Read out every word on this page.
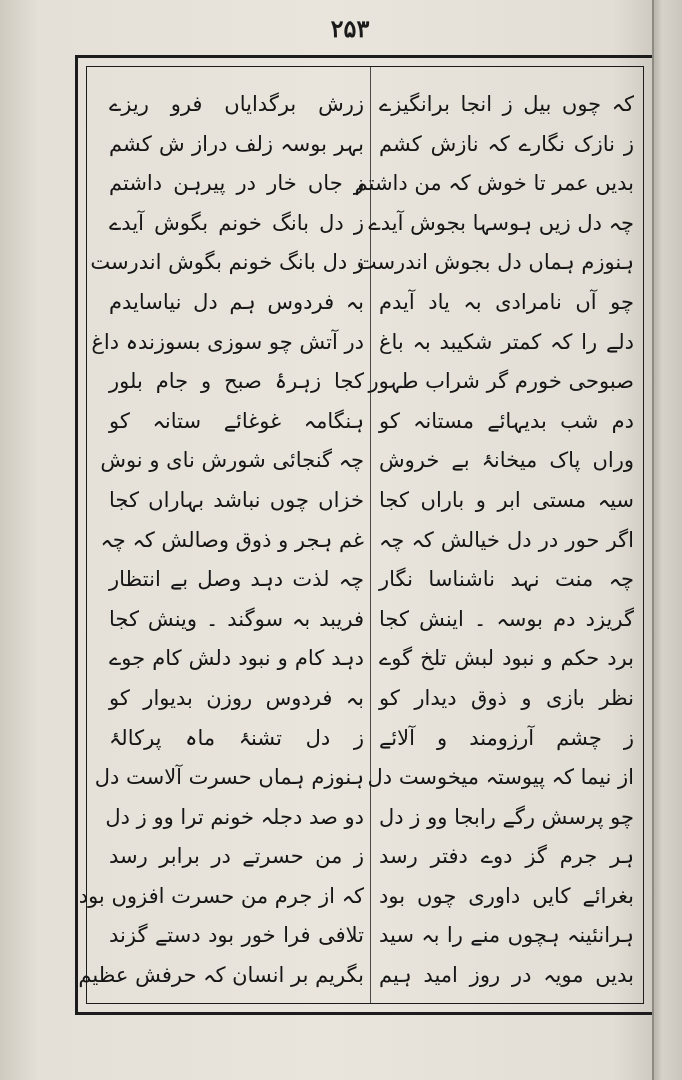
۲۵۳
کہ چوں بیل ز انجا برانگیزے
ز نازک نگارے کہ نازش کشم
بدیں عمر تا خوش کہ من داشتم
چہ دل زیں ہوسہا بجوش آیدے
ہنوزم ہماں دل بجوش اندرست
چو آں نامرادی بہ یاد آیدم
دلے را کہ کمتر شکیبد بہ باغ
صبوحی خورم گر شراب طہور
دم شب بدیہائے مستانہ کو
وراں پاک میخانۂ بے خروش
سیہ مستی ابر و باراں کجا
اگر حور در دل خیالش کہ چہ
چہ منت نہد ناشناسا نگار
گریزد دم بوسہ ۔ اینش کجا
برد حکم و نبود لبش تلخ گوے
نظر بازی و ذوق دیدار کو
ز چشم آرزومند و آلائے
از نیما کہ پیوستہ میخوست دل
چو پرسش رگے رابجا وو ز دل
ہر جرم گز دوے دفتر رسد
بغرائے کایں داوری چوں بود
ہرانئینہ ہچوں منے را بہ سید
بدیں مویہ در روز امید ہیم
زرش برگدایاں فرو ریزے
بہر بوسہ زلف دراز ش کشم
ز جاں خار در پیرہن داشتم
ز دل بانگ خونم بگوش آیدے
ز دل بانگ خونم بگوش اندرست
بہ فردوس ہم دل نیاسایدم
در آتش چو سوزی بسوزندہ داغ
کجا زہرۂ صبح و جام بلور
ہنگامہ غوغائے ستانہ کو
چہ گنجائی شورش نای و نوش
خزاں چوں نباشد بہاراں کجا
غم ہجر و ذوق وصالش کہ چہ
چہ لذت دہد وصل بے انتظار
فریبد بہ سوگند ۔ وینش کجا
دہد کام و نبود دلش کام جوے
بہ فردوس روزن بدیوار کو
ز دل تشنۂ ماہ پرکالۂ
ہنوزم ہماں حسرت آلاست دل
دو صد دجلہ خونم ترا وو ز دل
ز من حسرتے در برابر رسد
کہ از جرم من حسرت افزوں بود
تلافی فرا خور بود دستے گزند
بگریم بر انسان کہ حرفش عظیم
